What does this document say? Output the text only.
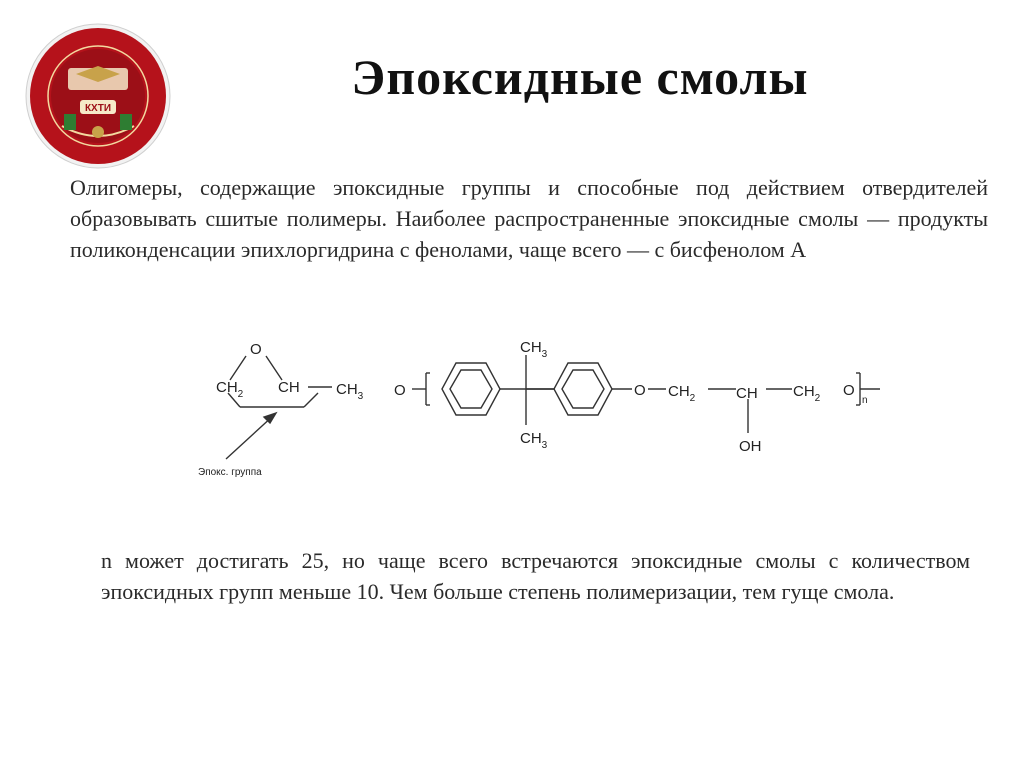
КХТИ
Эпоксидные смолы

Олигомеры, содержащие эпоксидные группы и способные под действием отвердителей образовывать сшитые полимеры. Наиболее распространенные эпоксидные смолы — продукты поликонденсации эпихлоргидрина с фенолами, чаще всего — с бисфенолом А

O
$CH_2$ CH $CH_3$ O
$CH_3$
$CH_3$
O $CH_2$	CH
OH
$CH_2$ O
n
Эпокс. группа

n может достигать 25, но чаще всего встречаются эпоксидные смолы с количеством эпоксидных групп меньше 10. Чем больше степень полимеризации, тем гуще смола.
